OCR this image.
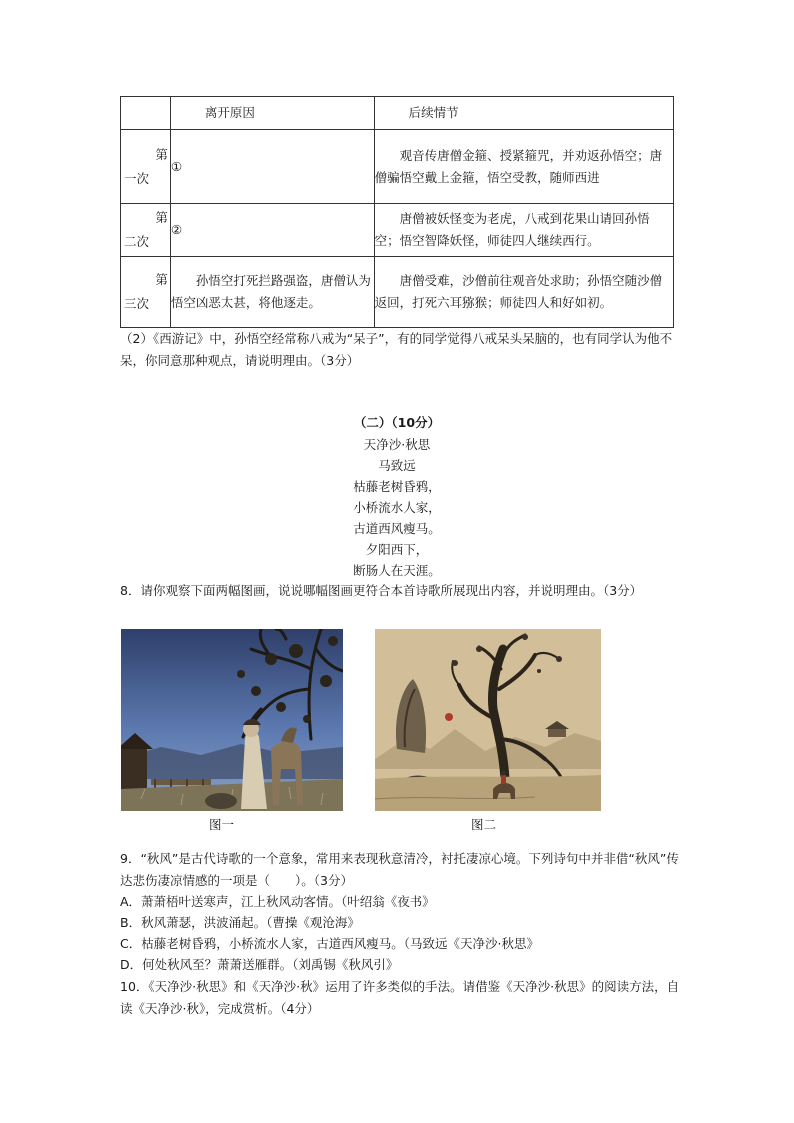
	离开原因	后续情节

第
一次	①	观音传唐僧金箍、授紧箍咒，并劝返孙悟空；唐僧骗悟空戴上金箍，悟空受教，随师西进

第
二次	②	唐僧被妖怪变为老虎，八戒到花果山请回孙悟空；悟空智降妖怪，师徒四人继续西行。

第
三次	孙悟空打死拦路强盗，唐僧认为悟空凶恶太甚，将他逐走。	唐僧受难，沙僧前往观音处求助；孙悟空随沙僧返回，打死六耳猕猴；师徒四人和好如初。

（2）《西游记》中，孙悟空经常称八戒为“呆子”，有的同学觉得八戒呆头呆脑的，也有同学认为他不呆，你同意那种观点，请说明理由。（3分）

（二）（10分）

天净沙·秋思

马致远

枯藤老树昏鸦，

小桥流水人家，

古道西风瘦马。

夕阳西下，

断肠人在天涯。

8．请你观察下面两幅图画，说说哪幅图画更符合本首诗歌所展现出内容，并说明理由。（3分）

图一	图二

9．“秋风”是古代诗歌的一个意象，常用来表现秋意清冷，衬托凄凉心境。下列诗句中并非借“秋风”传达悲伤凄凉情感的一项是（　　）。（3分）

A．萧萧梧叶送寒声，江上秋风动客情。（叶绍翁《夜书》

B．秋风萧瑟，洪波涌起。（曹操《观沧海》

C．枯藤老树昏鸦，小桥流水人家，古道西风瘦马。（马致远《天净沙·秋思》

D．何处秋风至？萧萧送雁群。（刘禹锡《秋风引》

10．《天净沙·秋思》和《天净沙·秋》运用了许多类似的手法。请借鉴《天净沙·秋思》的阅读方法，自读《天净沙·秋》，完成赏析。（4分）
